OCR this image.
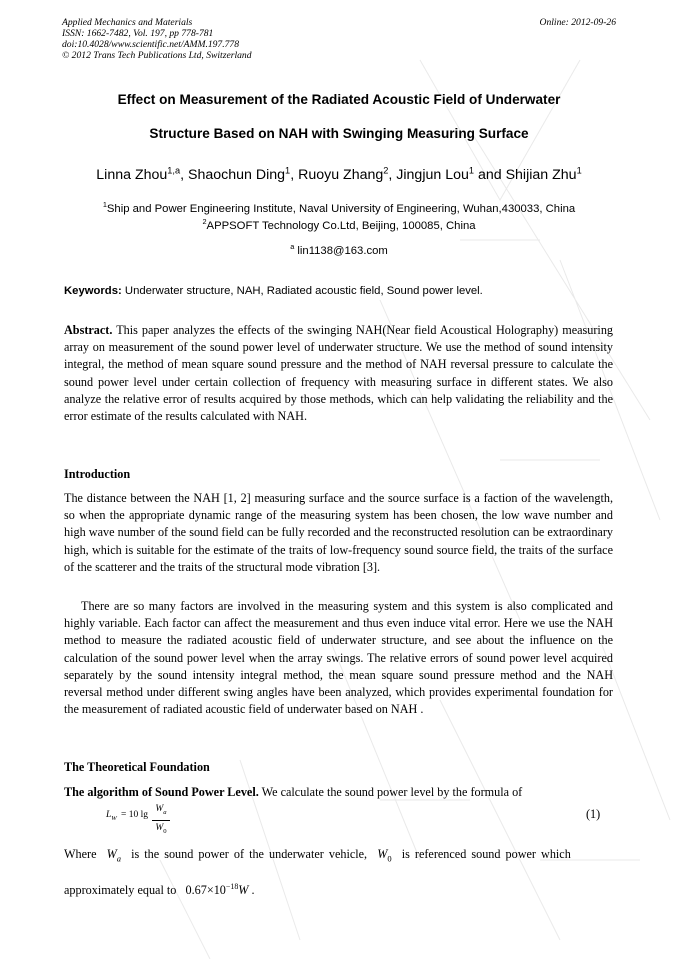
Applied Mechanics and Materials
ISSN: 1662-7482, Vol. 197, pp 778-781
doi:10.4028/www.scientific.net/AMM.197.778
© 2012 Trans Tech Publications Ltd, Switzerland
Online: 2012-09-26
Effect on Measurement of the Radiated Acoustic Field of Underwater
Structure Based on NAH with Swinging Measuring Surface
Linna Zhou$^{1,a}$, Shaochun Ding$^1$, Ruoyu Zhang$^2$, Jingjun Lou$^1$ and Shijian Zhu$^1$
$^1$Ship and Power Engineering Institute, Naval University of Engineering, Wuhan,430033, China
$^2$APPSOFT Technology Co.Ltd, Beijing, 100085, China
$^a$ lin1138@163.com
Keywords: Underwater structure, NAH, Radiated acoustic field, Sound power level.
Abstract. This paper analyzes the effects of the swinging NAH(Near field Acoustical Holography) measuring array on measurement of the sound power level of underwater structure. We use the method of sound intensity integral, the method of mean square sound pressure and the method of NAH reversal pressure to calculate the sound power level under certain collection of frequency with measuring surface in different states. We also analyze the relative error of results acquired by those methods, which can help validating the reliability and the error estimate of the results calculated with NAH.
Introduction
The distance between the NAH [1, 2] measuring surface and the source surface is a faction of the wavelength, so when the appropriate dynamic range of the measuring system has been chosen, the low wave number and high wave number of the sound field can be fully recorded and the reconstructed resolution can be extraordinary high, which is suitable for the estimate of the traits of low-frequency sound source field, the traits of the surface of the scatterer and the traits of the structural mode vibration [3].
There are so many factors are involved in the measuring system and this system is also complicated and highly variable. Each factor can affect the measurement and thus even induce vital error. Here we use the NAH method to measure the radiated acoustic field of underwater structure, and see about the influence on the calculation of the sound power level when the array swings. The relative errors of sound power level acquired separately by the sound intensity integral method, the mean square sound pressure method and the NAH reversal method under different swing angles have been analyzed, which provides experimental foundation for the measurement of radiated acoustic field of underwater based on NAH .
The Theoretical Foundation
The algorithm of Sound Power Level. We calculate the sound power level by the formula of
$L_W = 10$ $\lg \frac{W_a}{W_0}$	(1)
Where $W_a$ is the sound power of the underwater vehicle, $W_0$ is referenced sound power which
approximately equal to $0.67\times 10^{-18}W$ .
